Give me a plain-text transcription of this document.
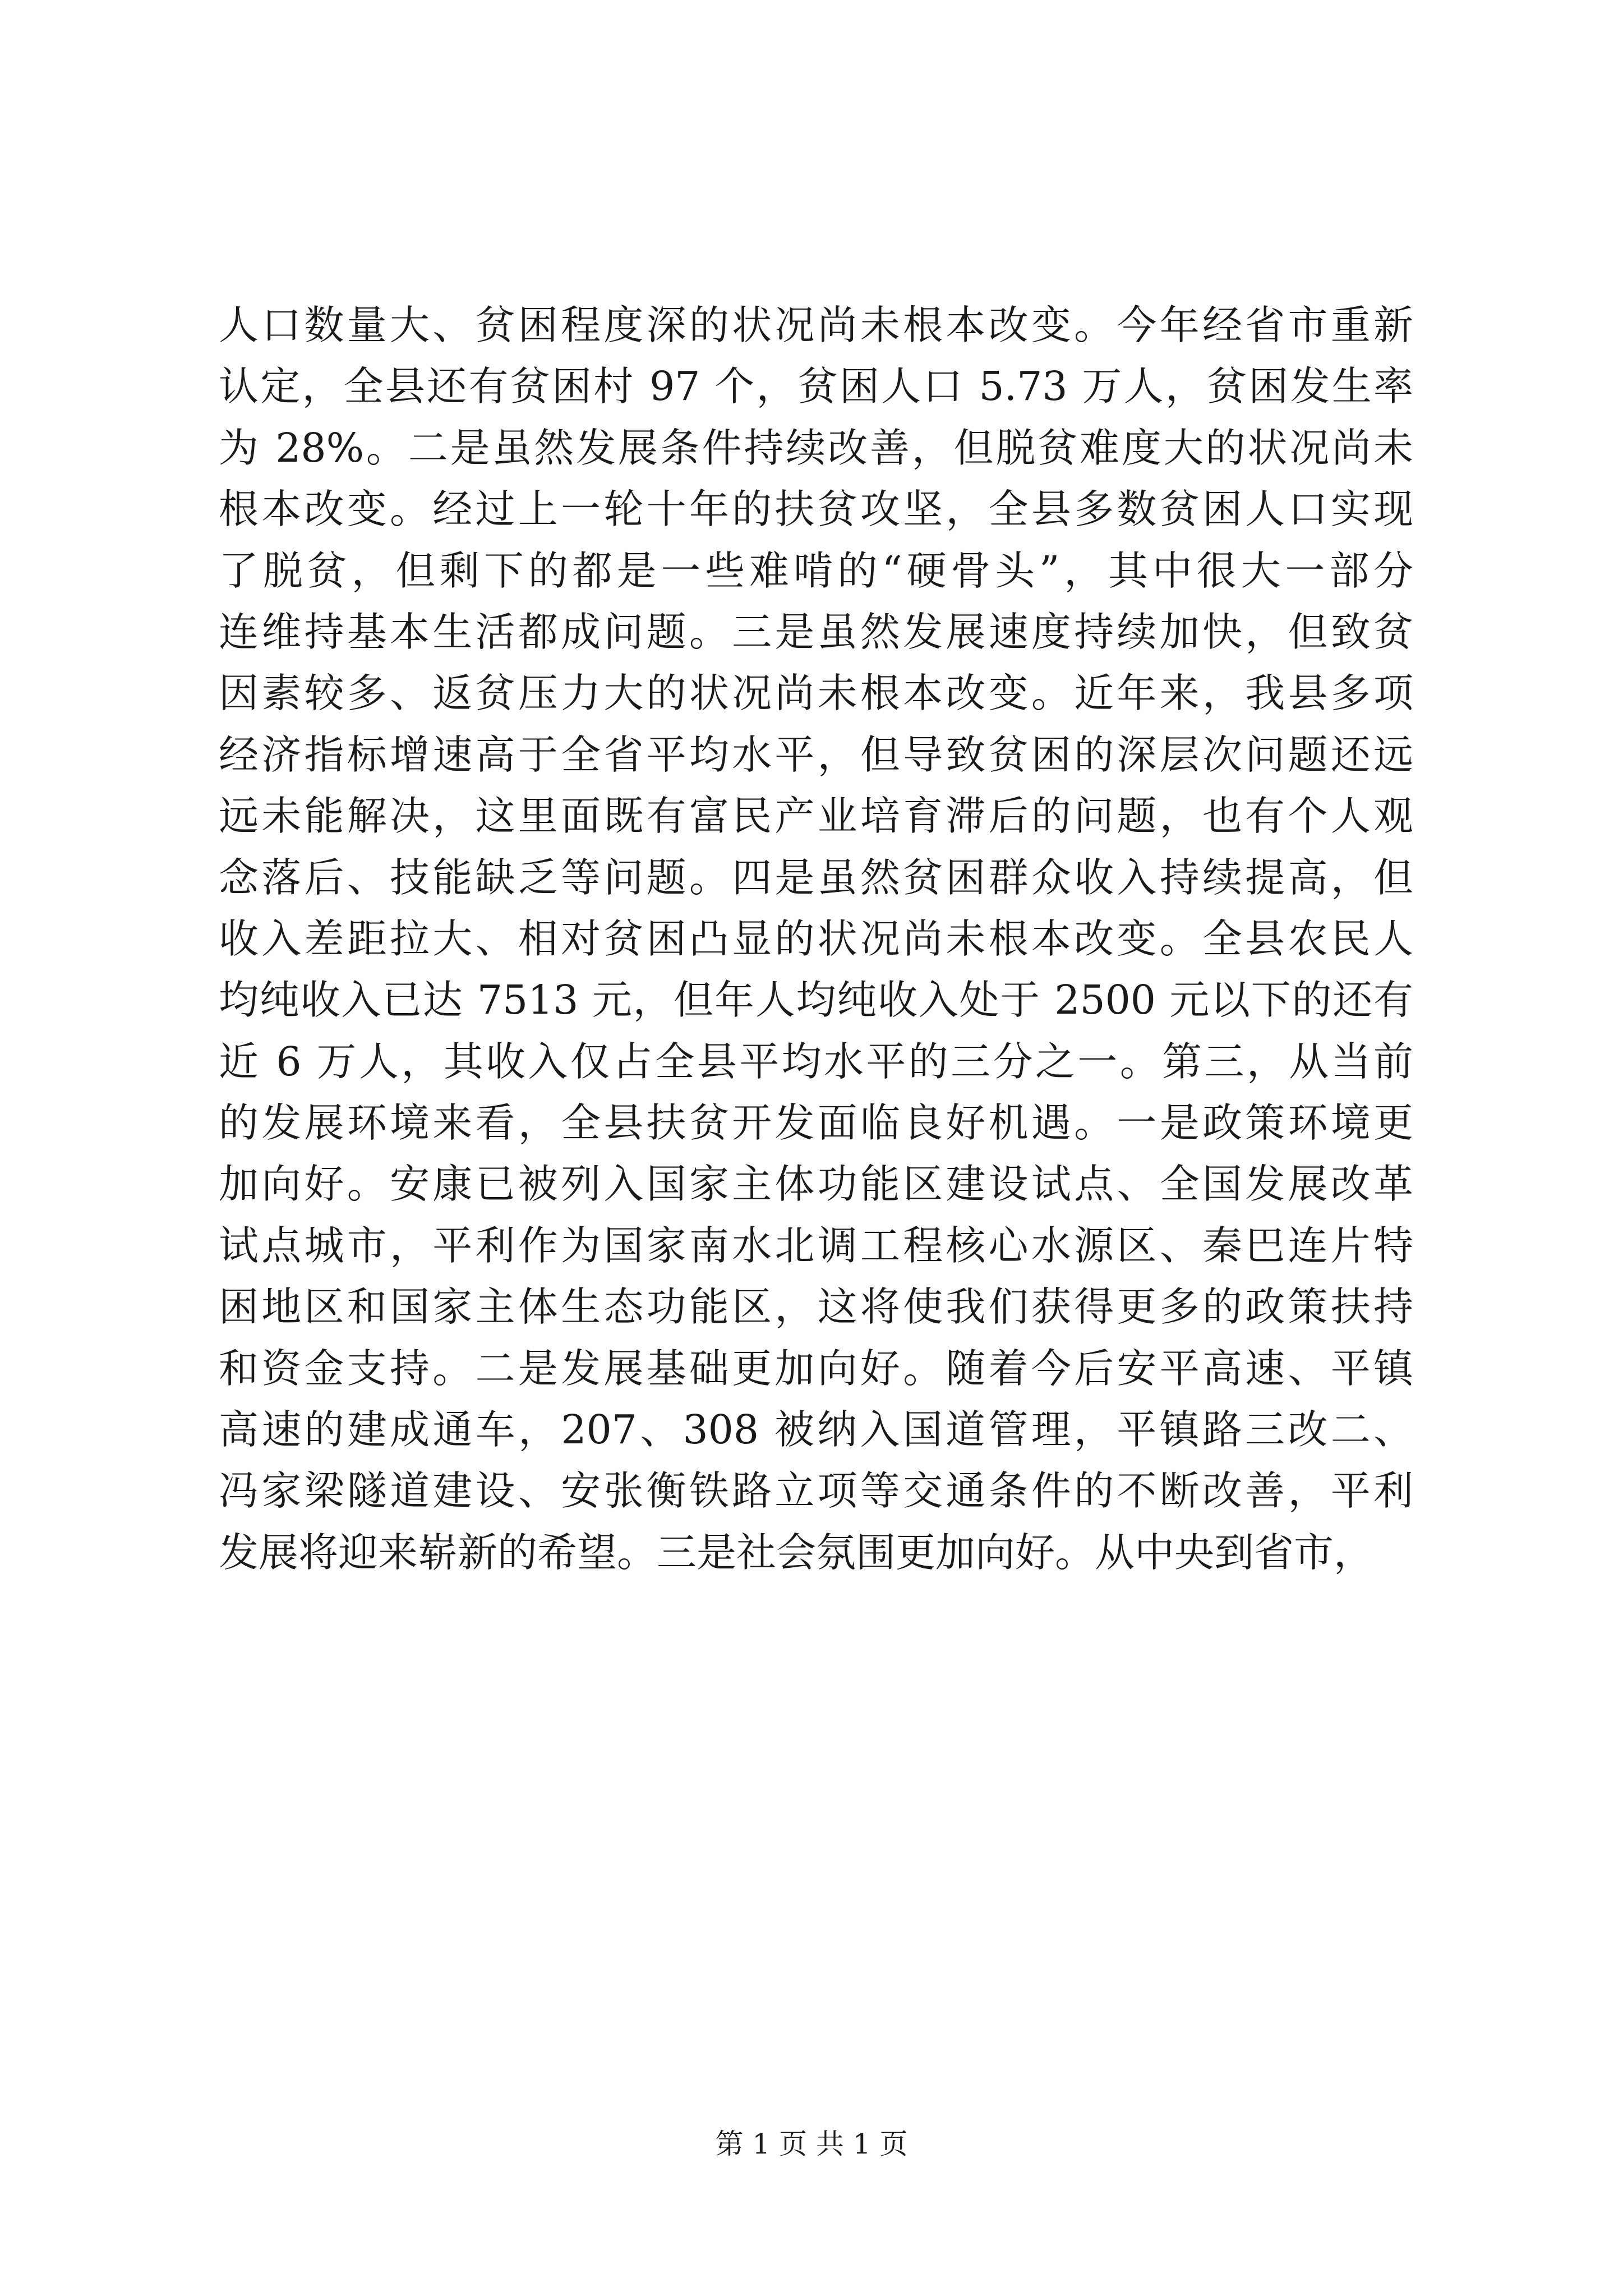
人口数量大、贫困程度深的状况尚未根本改变。今年经省市重新
认定，全县还有贫困村 97 个，贫困人口 5.73 万人，贫困发生率
为 28%。二是虽然发展条件持续改善，但脱贫难度大的状况尚未
根本改变。经过上一轮十年的扶贫攻坚，全县多数贫困人口实现
了脱贫，但剩下的都是一些难啃的“硬骨头”，其中很大一部分
连维持基本生活都成问题。三是虽然发展速度持续加快，但致贫
因素较多、返贫压力大的状况尚未根本改变。近年来，我县多项
经济指标增速高于全省平均水平，但导致贫困的深层次问题还远
远未能解决，这里面既有富民产业培育滞后的问题，也有个人观
念落后、技能缺乏等问题。四是虽然贫困群众收入持续提高，但
收入差距拉大、相对贫困凸显的状况尚未根本改变。全县农民人
均纯收入已达 7513 元，但年人均纯收入处于 2500 元以下的还有
近 6 万人，其收入仅占全县平均水平的三分之一。第三，从当前
的发展环境来看，全县扶贫开发面临良好机遇。一是政策环境更
加向好。安康已被列入国家主体功能区建设试点、全国发展改革
试点城市，平利作为国家南水北调工程核心水源区、秦巴连片特
困地区和国家主体生态功能区，这将使我们获得更多的政策扶持
和资金支持。二是发展基础更加向好。随着今后安平高速、平镇
高速的建成通车，207、308 被纳入国道管理，平镇路三改二、
冯家梁隧道建设、安张衡铁路立项等交通条件的不断改善，平利
发展将迎来崭新的希望。三是社会氛围更加向好。从中央到省市，
第 1 页 共 1 页
